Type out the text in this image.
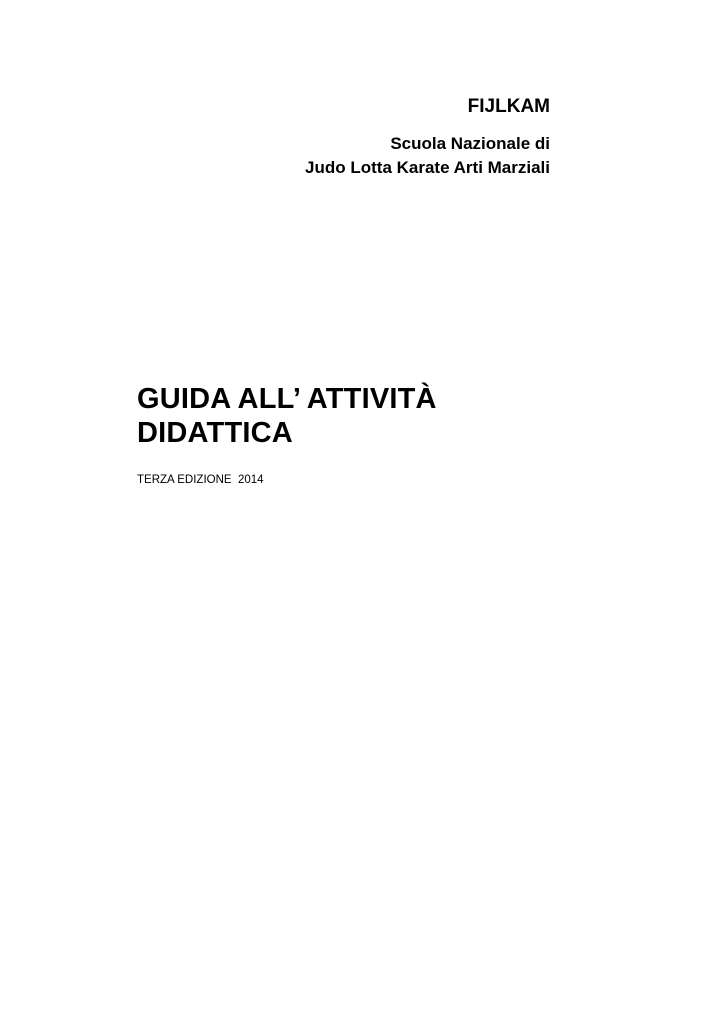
FIJLKAM

Scuola Nazionale di

Judo Lotta Karate Arti Marziali

GUIDA ALL’ ATTIVITÀ

DIDATTICA

TERZA EDIZIONE  2014
